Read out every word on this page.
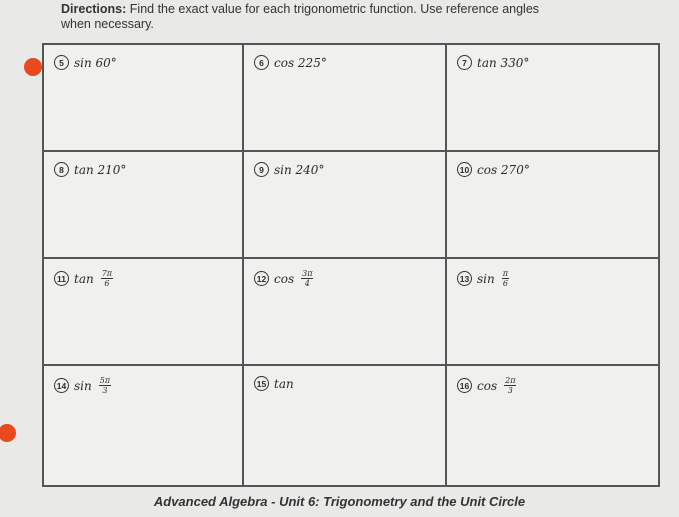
Directions: Find the exact value for each trigonometric function. Use reference angles
when necessary.
5 sin 60°	6 cos 225°	7 tan 330°
8 tan 210°	9 sin 240°	10 cos 270°
11 $\tan \frac{7\pi}{6}$	12 $\cos \frac{3\pi}{4}$	13 $\sin \frac{\pi}{6}$
14 $\sin \frac{5\pi}{3}$	15 tan	16 $\cos \frac{2\pi}{3}$
Advanced Algebra - Unit 6: Trigonometry and the Unit Circle
